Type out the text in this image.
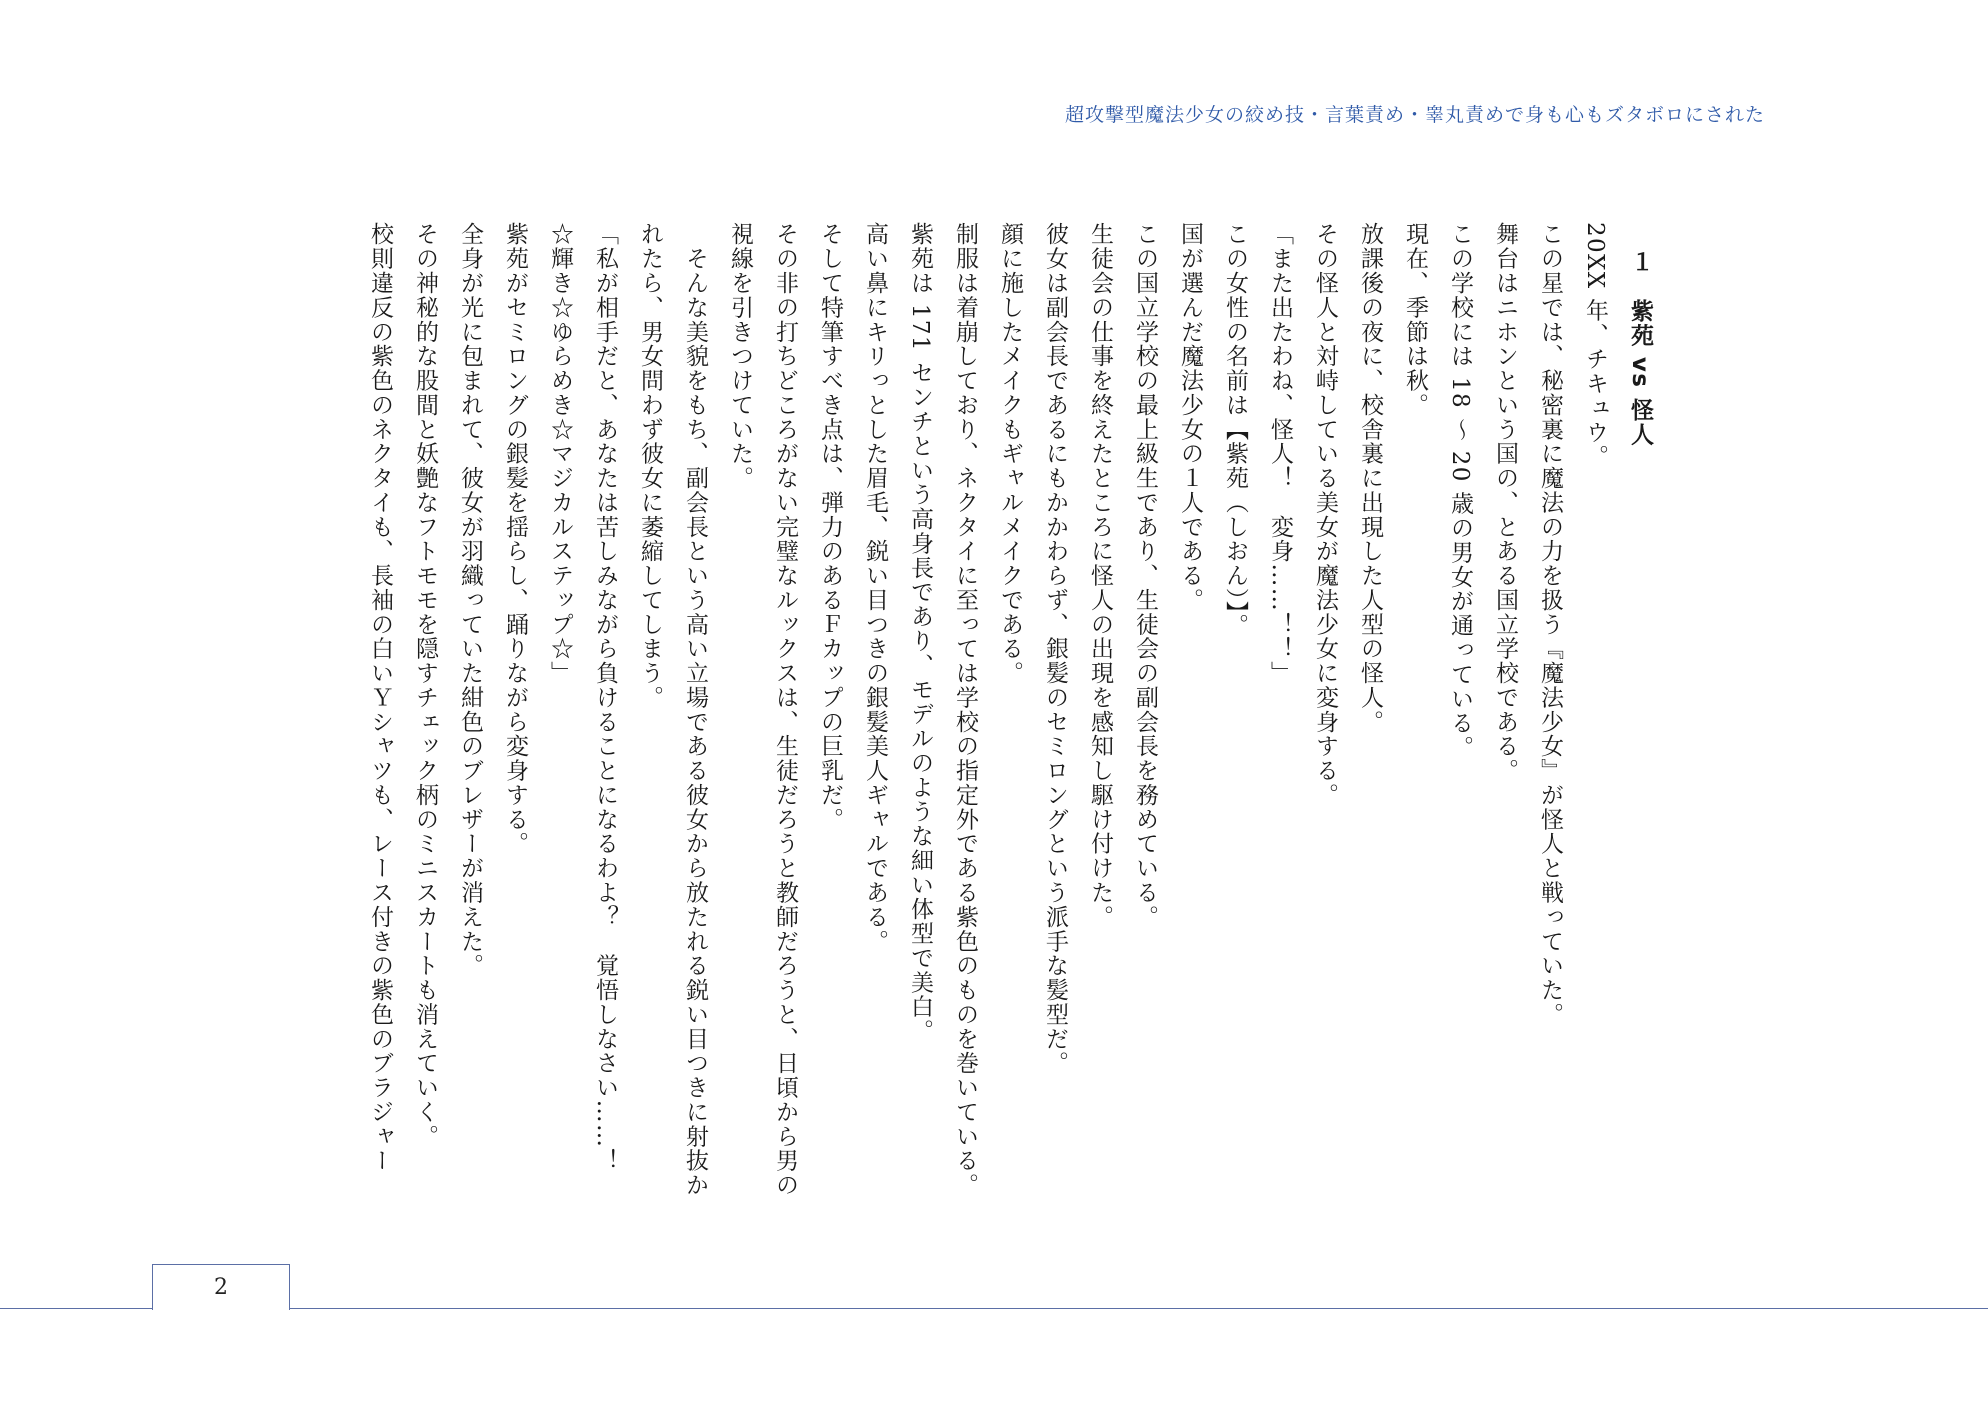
超攻撃型魔法少女の絞め技・言葉責め・睾丸責めで身も心もズタボロにされた

１　紫苑 vs 怪人

20XX 年、チキュウ。

この星では、秘密裏に魔法の力を扱う『魔法少女』が怪人と戦っていた。

舞台はニホンという国の、とある国立学校である。

この学校には 18 ～ 20 歳の男女が通っている。

現在、季節は秋。

放課後の夜に、校舎裏に出現した人型の怪人。

その怪人と対峙している美女が魔法少女に変身する。

「また出たわね、怪人！　変身……！！」

この女性の名前は【紫苑（しおん）】。

国が選んだ魔法少女の１人である。

この国立学校の最上級生であり、生徒会の副会長を務めている。

生徒会の仕事を終えたところに怪人の出現を感知し駆け付けた。

彼女は副会長であるにもかかわらず、銀髪のセミロングという派手な髪型だ。

顔に施したメイクもギャルメイクである。

制服は着崩しており、ネクタイに至っては学校の指定外である紫色のものを巻いている。

紫苑は 171 センチという高身長であり、モデルのような細い体型で美白。

高い鼻にキリっとした眉毛、鋭い目つきの銀髪美人ギャルである。

そして特筆すべき点は、弾力のあるＦカップの巨乳だ。

その非の打ちどころがない完璧なルックスは、生徒だろうと教師だろうと、日頃から男の

視線を引きつけていた。

　そんな美貌をもち、副会長という高い立場である彼女から放たれる鋭い目つきに射抜か

れたら、男女問わず彼女に萎縮してしまう。

「私が相手だと、あなたは苦しみながら負けることになるわよ？　覚悟しなさい……！

☆輝き☆ゆらめき☆マジカルステップ☆」

紫苑がセミロングの銀髪を揺らし、踊りながら変身する。

全身が光に包まれて、彼女が羽織っていた紺色のブレザーが消えた。

その神秘的な股間と妖艶なフトモモを隠すチェック柄のミニスカートも消えていく。

校則違反の紫色のネクタイも、長袖の白いＹシャツも、レース付きの紫色のブラジャー

2
